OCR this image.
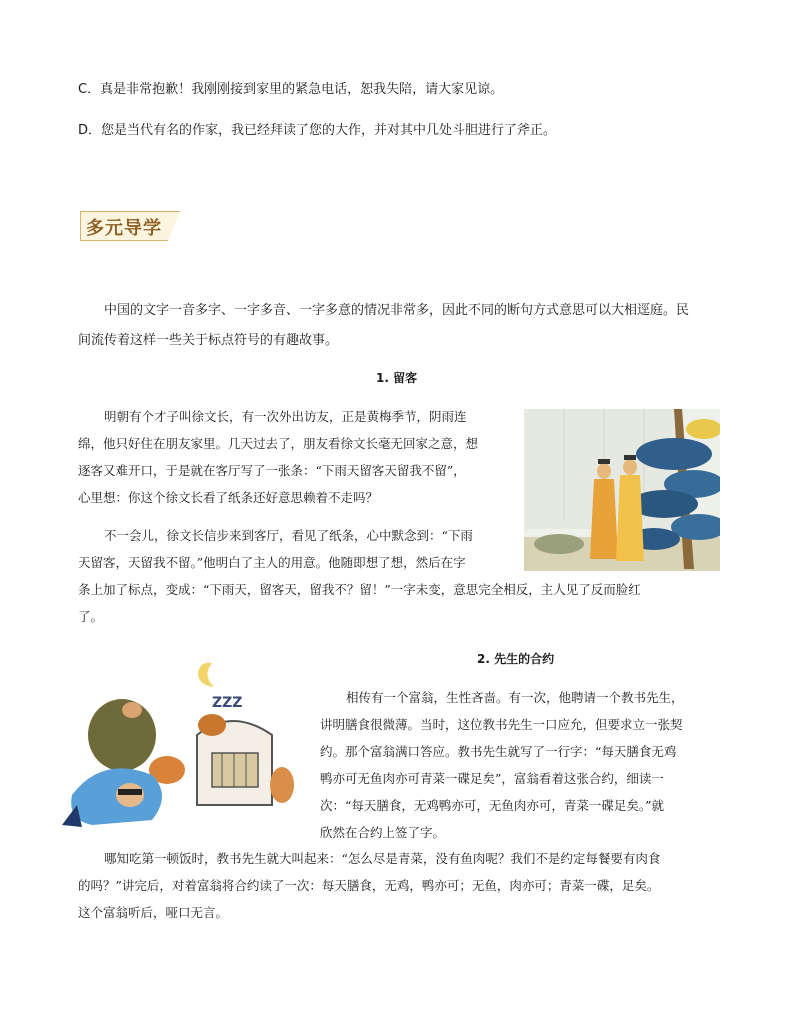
C．真是非常抱歉！我刚刚接到家里的紧急电话，恕我失陪，请大家见谅。
D．您是当代有名的作家，我已经拜读了您的大作，并对其中几处斗胆进行了斧正。
多元导学

中国的文字一音多字、一字多音、一字多意的情况非常多，因此不同的断句方式意思可以大相逕庭。民

间流传着这样一些关于标点符号的有趣故事。

1. 留客

明朝有个才子叫徐文长，有一次外出访友，正是黄梅季节，阴雨连

绵，他只好住在朋友家里。几天过去了，朋友看徐文长毫无回家之意，想

逐客又难开口，于是就在客厅写了一张条：“下雨天留客天留我不留”，

心里想：你这个徐文长看了纸条还好意思赖着不走吗？

不一会儿，徐文长信步来到客厅，看见了纸条，心中默念到：“下雨

天留客，天留我不留。”他明白了主人的用意。他随即想了想，然后在字

条上加了标点，变成：“下雨天，留客天，留我不？留！”一字未变，意思完全相反，主人见了反而脸红

了。

ZZZ
2. 先生的合约

相传有一个富翁，生性吝啬。有一次，他聘请一个教书先生，

讲明膳食很微薄。当时，这位教书先生一口应允，但要求立一张契

约。那个富翁满口答应。教书先生就写了一行字：“每天膳食无鸡

鸭亦可无鱼肉亦可青菜一碟足矣”，富翁看着这张合约，细读一

次：“每天膳食，无鸡鸭亦可，无鱼肉亦可，青菜一碟足矣。”就

欣然在合约上签了字。

哪知吃第一顿饭时，教书先生就大叫起来：“怎么尽是青菜，没有鱼肉呢？我们不是约定每餐要有肉食

的吗？”讲完后，对着富翁将合约读了一次：每天膳食，无鸡，鸭亦可；无鱼，肉亦可；青菜一碟，足矣。

这个富翁听后，哑口无言。
